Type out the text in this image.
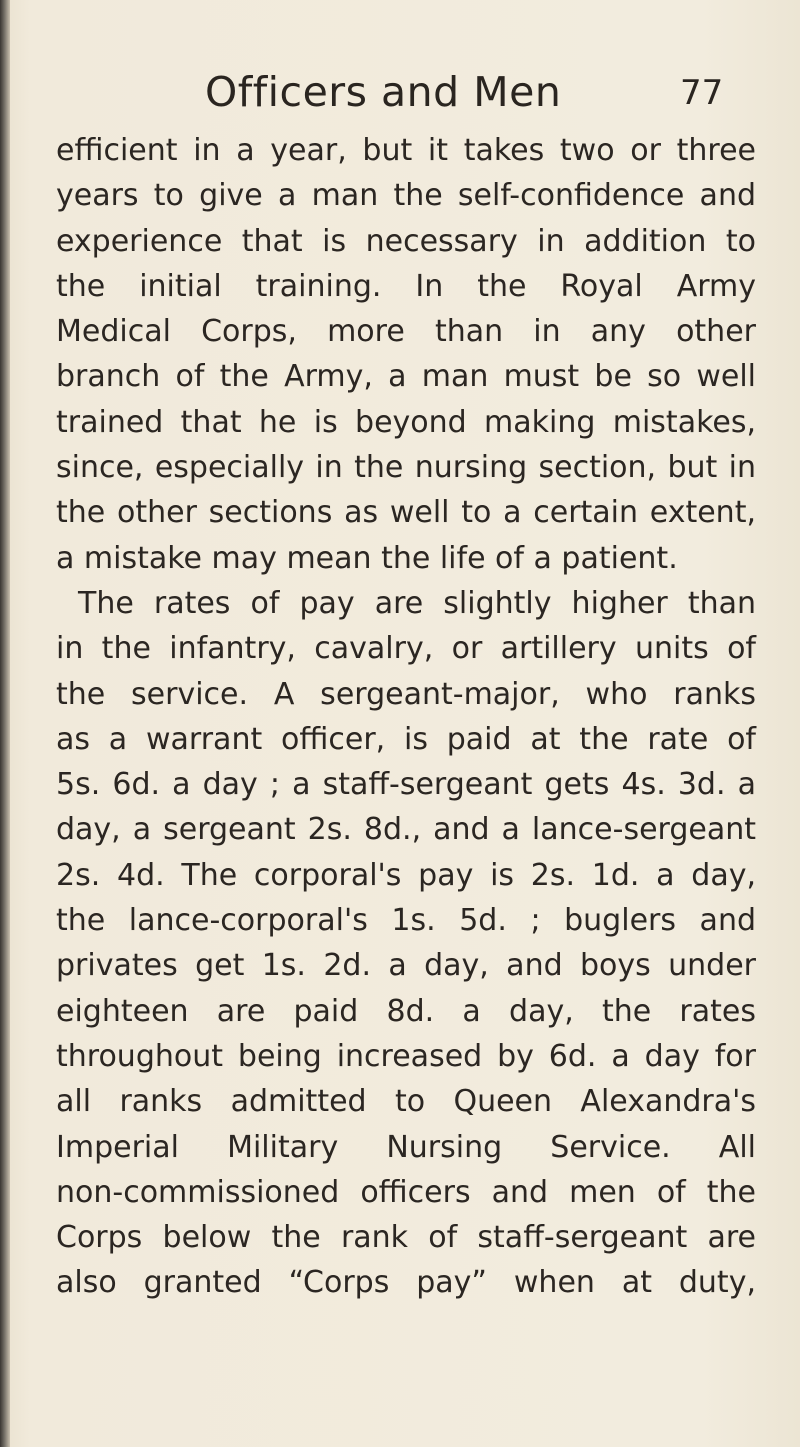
Officers and Men	77
efficient in a year, but it takes two or three
years to give a man the self-confidence and
experience that is necessary in addition to
the initial training. In the Royal Army
Medical Corps, more than in any other
branch of the Army, a man must be so well
trained that he is beyond making mistakes,
since, especially in the nursing section, but in
the other sections as well to a certain extent,
a mistake may mean the life of a patient.
The rates of pay are slightly higher than
in the infantry, cavalry, or artillery units of
the service. A sergeant-major, who ranks
as a warrant officer, is paid at the rate of
5s. 6d. a day ; a staff-sergeant gets 4s. 3d. a
day, a sergeant 2s. 8d., and a lance-sergeant
2s. 4d. The corporal's pay is 2s. 1d. a day,
the lance-corporal's 1s. 5d. ; buglers and
privates get 1s. 2d. a day, and boys under
eighteen are paid 8d. a day, the rates
throughout being increased by 6d. a day for
all ranks admitted to Queen Alexandra's
Imperial Military Nursing Service. All
non-commissioned officers and men of the
Corps below the rank of staff-sergeant are
also granted “Corps pay” when at duty,
